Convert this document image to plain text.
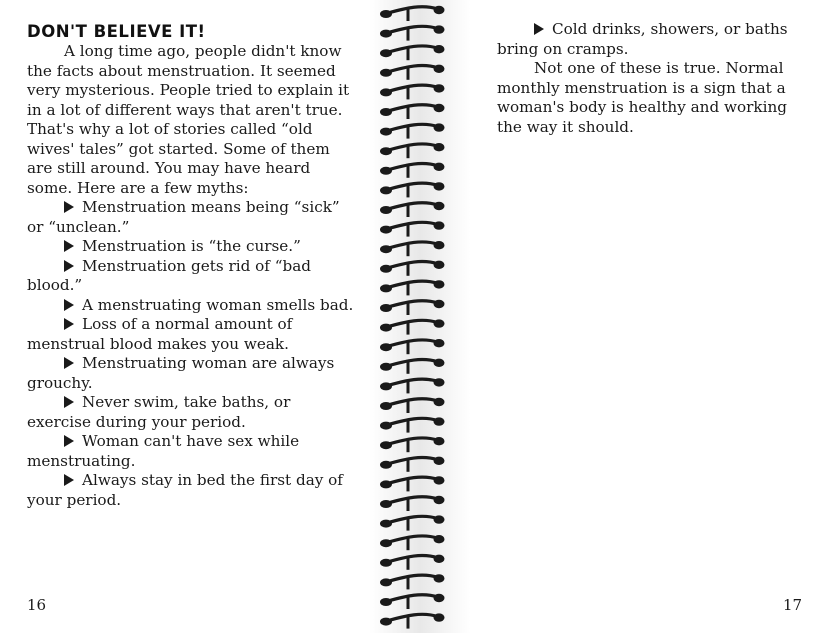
DON'T BELIEVE IT!

A long time ago, people didn't know the facts about menstruation. It seemed very mysterious. People tried to explain it in a lot of different ways that aren't true. That's why a lot of stories called “old wives' tales” got started. Some of them are still around. You may have heard some. Here are a few myths:

Menstruation means being “sick” or “unclean.”

Menstruation is “the curse.”

Menstruation gets rid of “bad blood.”

A menstruating woman smells bad.

Loss of a normal amount of menstrual blood makes you weak.

Menstruating woman are always grouchy.

Never swim, take baths, or exercise during your period.

Woman can't have sex while menstruating.

Always stay in bed the first day of your period.

16

Cold drinks, showers, or baths bring on cramps.

Not one of these is true. Normal monthly menstruation is a sign that a woman's body is healthy and working the way it should.

17
